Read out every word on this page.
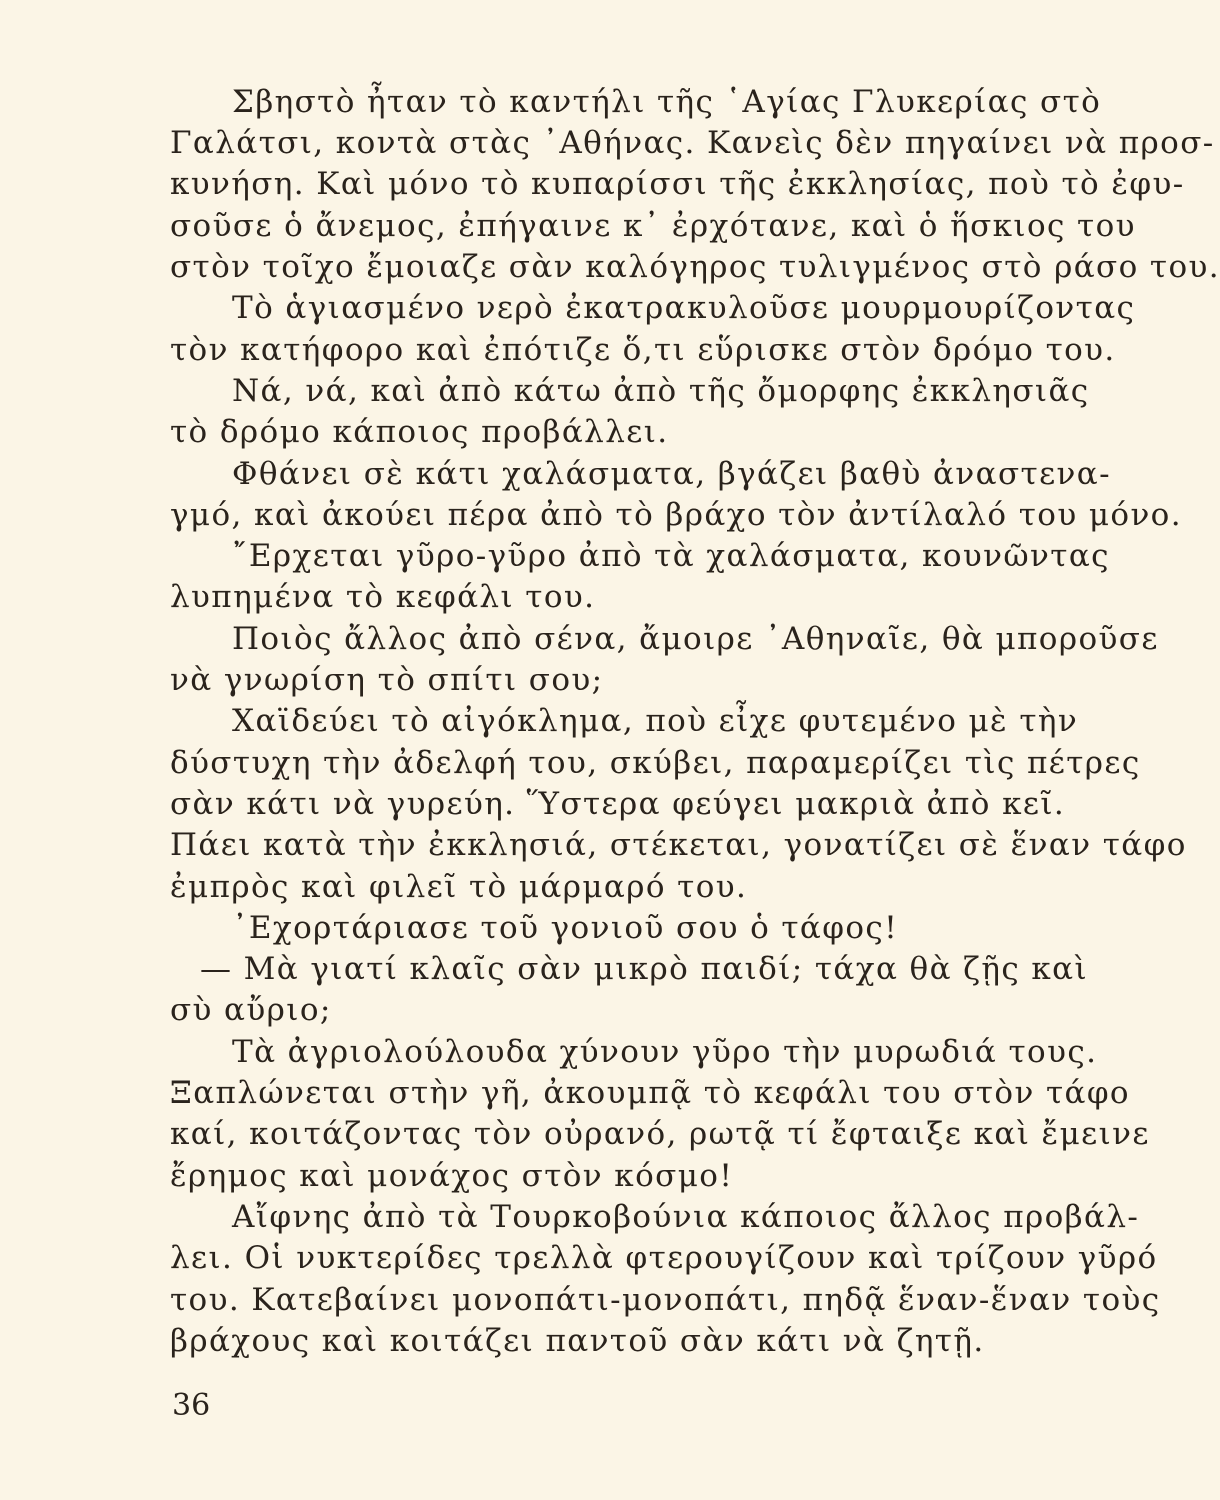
Σβηστὸ ἦταν τὸ καντήλι τῆς ῾Αγίας Γλυκερίας στὸ
Γαλάτσι, κοντὰ στὰς ᾿Αθήνας. Κανεὶς δὲν πηγαίνει νὰ προσ-
κυνήση. Καὶ μόνο τὸ κυπαρίσσι τῆς ἐκκλησίας, ποὺ τὸ ἐφυ-
σοῦσε ὁ ἄνεμος, ἐπήγαινε κ᾿ ἐρχότανε, καὶ ὁ ἥσκιος του
στὸν τοῖχο ἔμοιαζε σὰν καλόγηρος τυλιγμένος στὸ ράσο του.
Τὸ ἁγιασμένο νερὸ ἐκατρακυλοῦσε μουρμουρίζοντας
τὸν κατήφορο καὶ ἐπότιζε ὅ,τι εὕρισκε στὸν δρόμο του.
Νά, νά, καὶ ἀπὸ κάτω ἀπὸ τῆς ὄμορφης ἐκκλησιᾶς
τὸ δρόμο κάποιος προβάλλει.
Φθάνει σὲ κάτι χαλάσματα, βγάζει βαθὺ ἀναστενα-
γμό, καὶ ἀκούει πέρα ἀπὸ τὸ βράχο τὸν ἀντίλαλό του μόνο.
῎Ερχεται γῦρο-γῦρο ἀπὸ τὰ χαλάσματα, κουνῶντας
λυπημένα τὸ κεφάλι του.
Ποιὸς ἄλλος ἀπὸ σένα, ἄμοιρε ᾿Αθηναῖε, θὰ μποροῦσε
νὰ γνωρίση τὸ σπίτι σου;
Χαϊδεύει τὸ αἰγόκλημα, ποὺ εἶχε φυτεμένο μὲ τὴν
δύστυχη τὴν ἀδελφή του, σκύβει, παραμερίζει τὶς πέτρες
σὰν κάτι νὰ γυρεύη. Ὕστερα φεύγει μακριὰ ἀπὸ κεῖ.
Πάει κατὰ τὴν ἐκκλησιά, στέκεται, γονατίζει σὲ ἕναν τάφο
ἐμπρὸς καὶ φιλεῖ τὸ μάρμαρό του.
᾿Εχορτάριασε τοῦ γονιοῦ σου ὁ τάφος!
— Μὰ γιατί κλαῖς σὰν μικρὸ παιδί; τάχα θὰ ζῇς καὶ
σὺ αὔριο;
Τὰ ἀγριολούλουδα χύνουν γῦρο τὴν μυρωδιά τους.
Ξαπλώνεται στὴν γῆ, ἀκουμπᾷ τὸ κεφάλι του στὸν τάφο
καί, κοιτάζοντας τὸν οὐρανό, ρωτᾷ τί ἔφταιξε καὶ ἔμεινε
ἔρημος καὶ μονάχος στὸν κόσμο!
Αἴφνης ἀπὸ τὰ Τουρκοβούνια κάποιος ἄλλος προβάλ-
λει. Οἱ νυκτερίδες τρελλὰ φτερουγίζουν καὶ τρίζουν γῦρό
του. Κατεβαίνει μονοπάτι-μονοπάτι, πηδᾷ ἕναν-ἕναν τοὺς
βράχους καὶ κοιτάζει παντοῦ σὰν κάτι νὰ ζητῇ.
36
